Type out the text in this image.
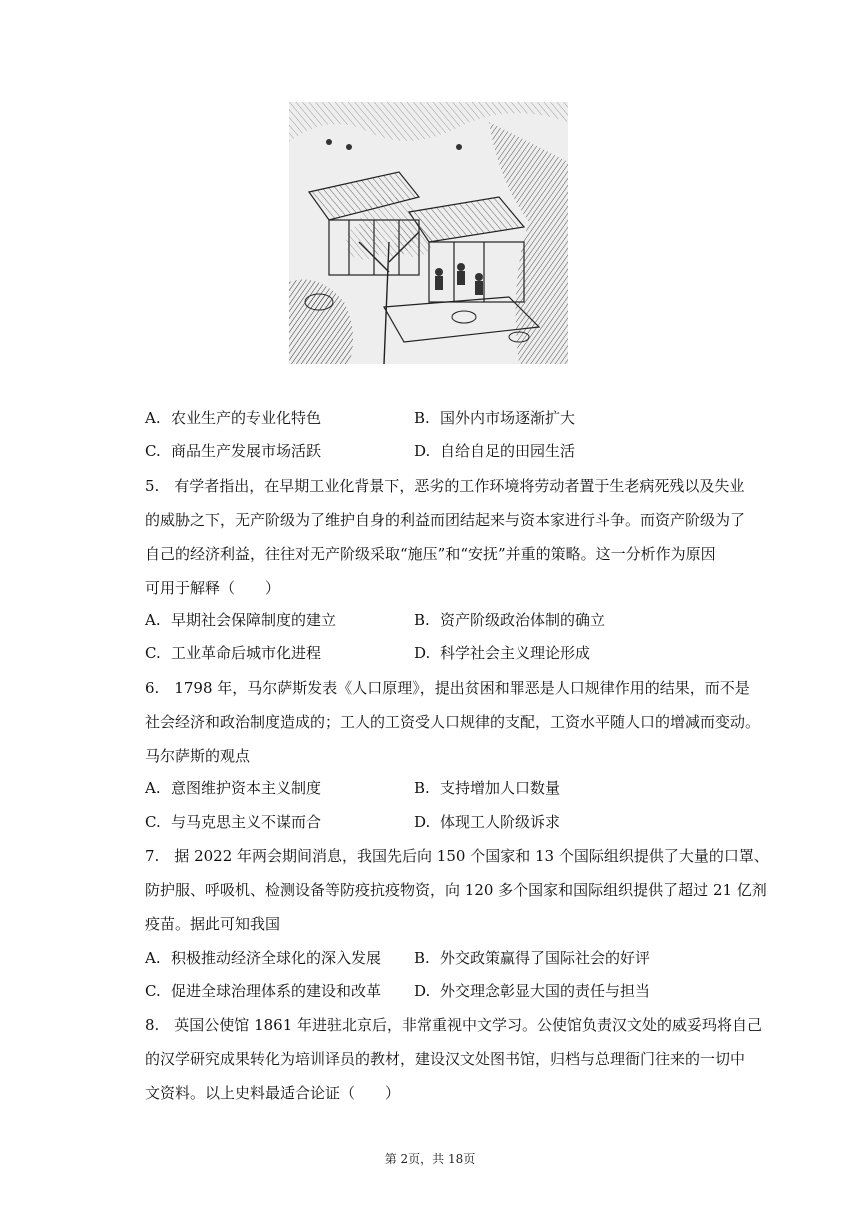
A. 农业生产的专业化特色	B. 国外内市场逐渐扩大
C. 商品生产发展市场活跃	D. 自给自足的田园生活
5.　有学者指出，在早期工业化背景下，恶劣的工作环境将劳动者置于生老病死残以及失业
的威胁之下，无产阶级为了维护自身的利益而团结起来与资本家进行斗争。而资产阶级为了
自己的经济利益，往往对无产阶级采取“施压”和“安抚”并重的策略。这一分析作为原因
可用于解释（　　）
A. 早期社会保障制度的建立	B. 资产阶级政治体制的确立
C. 工业革命后城市化进程	D. 科学社会主义理论形成
6.　1798 年，马尔萨斯发表《人口原理》，提出贫困和罪恶是人口规律作用的结果，而不是
社会经济和政治制度造成的；工人的工资受人口规律的支配，工资水平随人口的增减而变动。
马尔萨斯的观点
A. 意图维护资本主义制度	B. 支持增加人口数量
C. 与马克思主义不谋而合	D. 体现工人阶级诉求
7.　据 2022 年两会期间消息，我国先后向 150 个国家和 13 个国际组织提供了大量的口罩、
防护服、呼吸机、检测设备等防疫抗疫物资，向 120 多个国家和国际组织提供了超过 21 亿剂
疫苗。据此可知我国
A. 积极推动经济全球化的深入发展 B. 外交政策赢得了国际社会的好评
C. 促进全球治理体系的建设和改革 D. 外交理念彰显大国的责任与担当
8.　英国公使馆 1861 年进驻北京后，非常重视中文学习。公使馆负责汉文处的威妥玛将自己
的汉学研究成果转化为培训译员的教材，建设汉文处图书馆，归档与总理衙门往来的一切中
文资料。以上史料最适合论证（　　）
第 2页，共 18页
